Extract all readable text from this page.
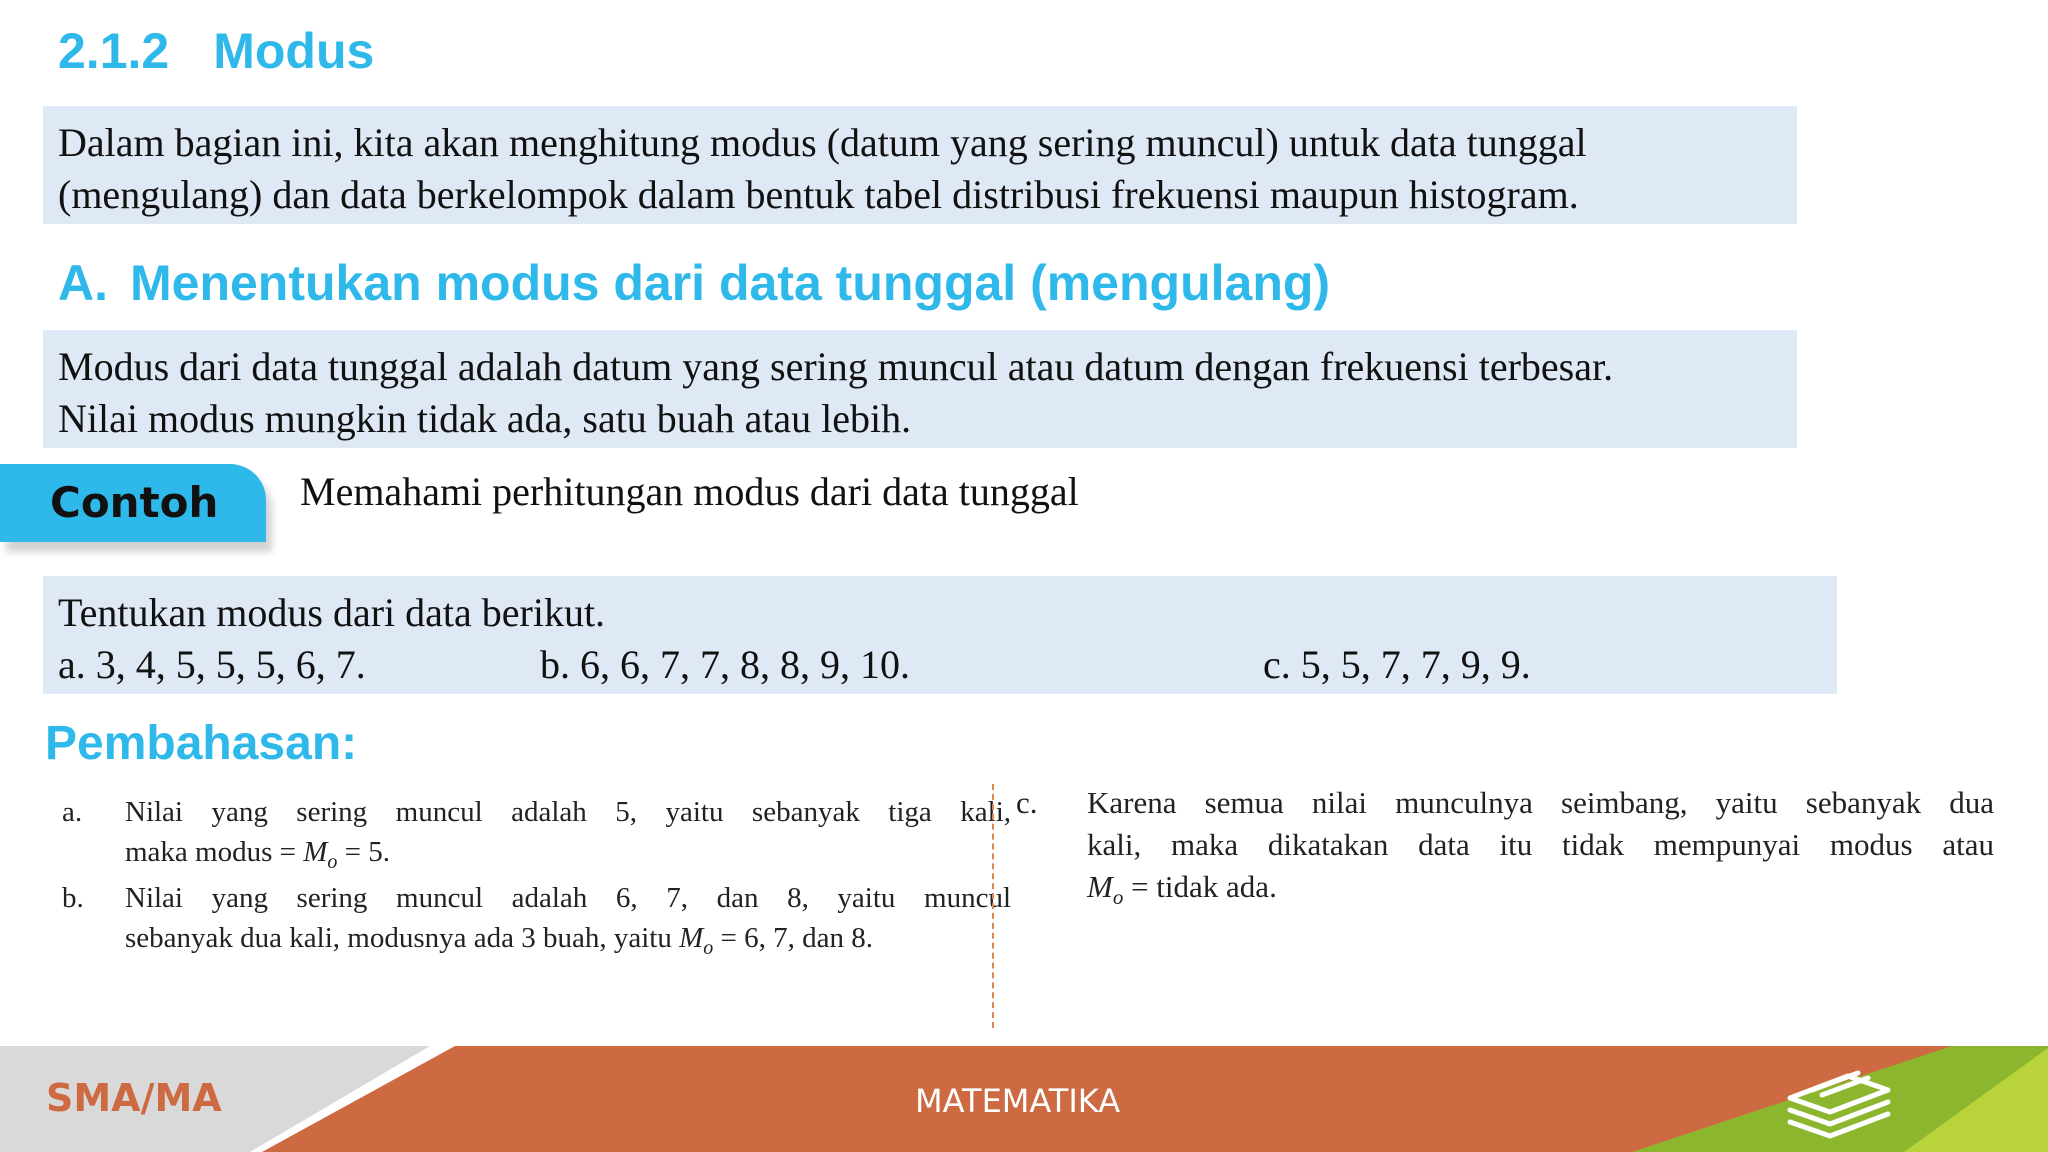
2.1.2 Modus

Dalam bagian ini, kita akan menghitung modus (datum yang sering muncul) untuk data tunggal

(mengulang) dan data berkelompok dalam bentuk tabel distribusi frekuensi maupun histogram.

A. Menentukan modus dari data tunggal (mengulang)

Modus dari data tunggal adalah datum yang sering muncul atau datum dengan frekuensi terbesar.

Nilai modus mungkin tidak ada, satu buah atau lebih.

Contoh Memahami perhitungan modus dari data tunggal

Tentukan modus dari data berikut.

a. 3, 4, 5, 5, 5, 6, 7.	b. 6, 6, 7, 7, 8, 8, 9, 10.	c. 5, 5, 7, 7, 9, 9.

Pembahasan:
a. Nilai yang sering muncul adalah 5, yaitu sebanyak tiga kali,
maka modus = $M_o = 5$.
b. Nilai yang sering muncul adalah 6, 7, dan 8, yaitu muncul
sebanyak dua kali, modusnya ada 3 buah, yaitu $M_o = 6$, 7, dan 8.
c. Karena semua nilai munculnya seimbang, yaitu sebanyak dua
kali, maka dikatakan data itu tidak mempunyai modus atau
$M_o$ = tidak ada.
SMA/MA	MATEMATIKA
